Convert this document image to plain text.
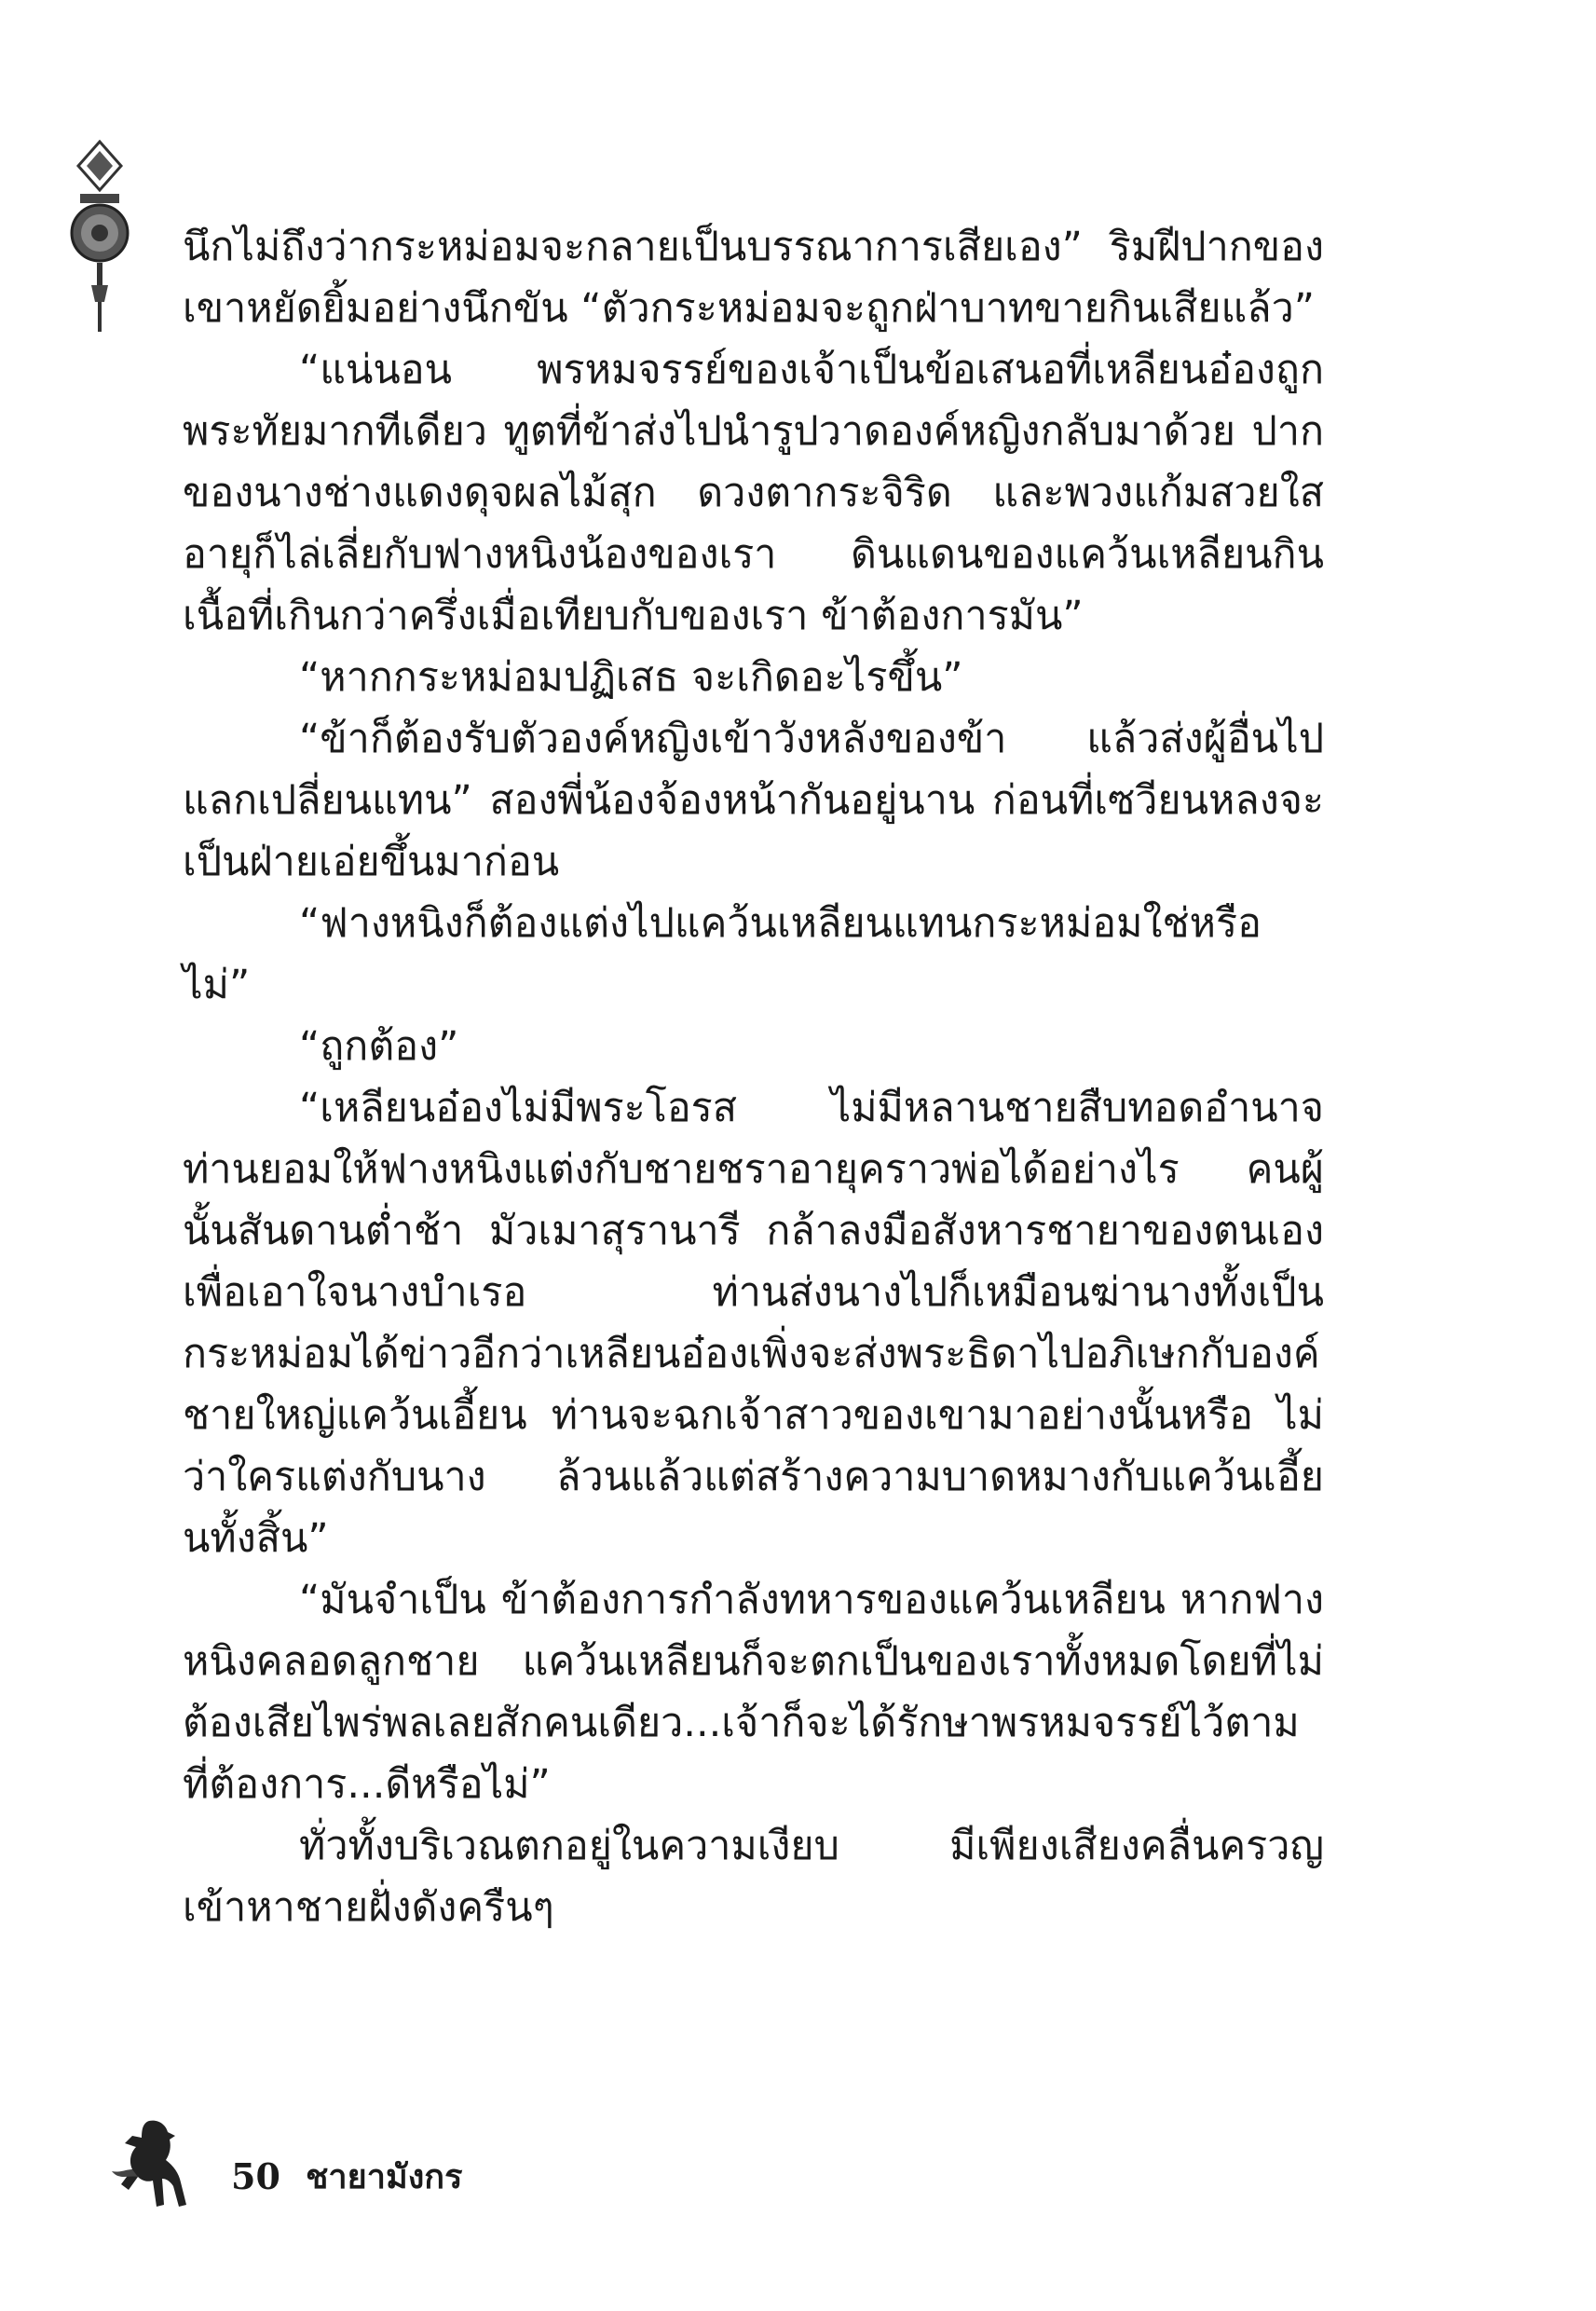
นึกไม่ถึงว่ากระหม่อมจะกลายเป็นบรรณาการเสียเอง” ริมฝีปากของเขาหยัดยิ้มอย่างนึกขัน “ตัวกระหม่อมจะถูกฝ่าบาทขายกินเสียแล้ว”

“แน่นอน พรหมจรรย์ของเจ้าเป็นข้อเสนอที่เหลียนอ๋องถูกพระทัยมากทีเดียว ทูตที่ข้าส่งไปนำรูปวาดองค์หญิงกลับมาด้วย ปากของนางช่างแดงดุจผลไม้สุก ดวงตากระจิริด และพวงแก้มสวยใส อายุก็ไล่เลี่ยกับฟางหนิงน้องของเรา ดินแดนของแคว้นเหลียนกินเนื้อที่เกินกว่าครึ่งเมื่อเทียบกับของเรา ข้าต้องการมัน”

“หากกระหม่อมปฏิเสธ จะเกิดอะไรขึ้น”

“ข้าก็ต้องรับตัวองค์หญิงเข้าวังหลังของข้า แล้วส่งผู้อื่นไปแลกเปลี่ยนแทน” สองพี่น้องจ้องหน้ากันอยู่นาน ก่อนที่เซวียนหลงจะเป็นฝ่ายเอ่ยขึ้นมาก่อน

“ฟางหนิงก็ต้องแต่งไปแคว้นเหลียนแทนกระหม่อมใช่หรือไม่”

“ถูกต้อง”

“เหลียนอ๋องไม่มีพระโอรส ไม่มีหลานชายสืบทอดอำนาจ ท่านยอมให้ฟางหนิงแต่งกับชายชราอายุคราวพ่อได้อย่างไร คนผู้นั้นสันดานต่ำช้า มัวเมาสุรานารี กล้าลงมือสังหารชายาของตนเองเพื่อเอาใจนางบำเรอ ท่านส่งนางไปก็เหมือนฆ่านางทั้งเป็น กระหม่อมได้ข่าวอีกว่าเหลียนอ๋องเพิ่งจะส่งพระธิดาไปอภิเษกกับองค์ชายใหญ่แคว้นเอี้ยน ท่านจะฉกเจ้าสาวของเขามาอย่างนั้นหรือ ไม่ว่าใครแต่งกับนาง ล้วนแล้วแต่สร้างความบาดหมางกับแคว้นเอี้ยนทั้งสิ้น”

“มันจำเป็น ข้าต้องการกำลังทหารของแคว้นเหลียน หากฟางหนิงคลอดลูกชาย แคว้นเหลียนก็จะตกเป็นของเราทั้งหมดโดยที่ไม่ต้องเสียไพร่พลเลยสักคนเดียว...เจ้าก็จะได้รักษาพรหมจรรย์ไว้ตามที่ต้องการ...ดีหรือไม่”

ทั่วทั้งบริเวณตกอยู่ในความเงียบ มีเพียงเสียงคลื่นครวญเข้าหาชายฝั่งดังครืนๆ

50 ชายามังกร
